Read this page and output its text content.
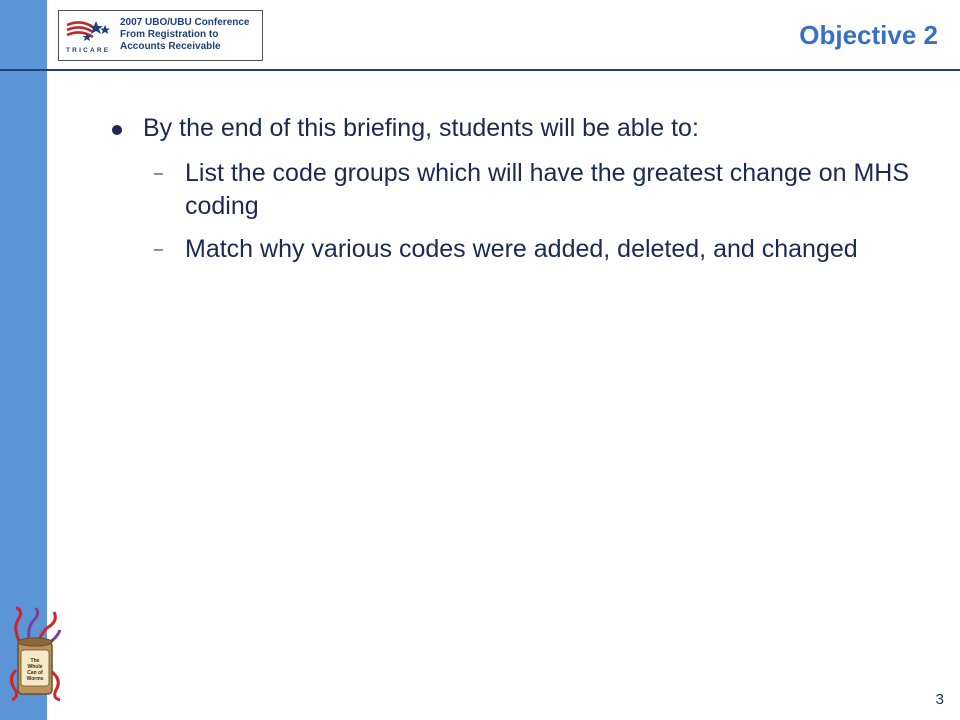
TRICARE
2007 UBO/UBU Conference
From Registration to
Accounts Receivable	Objective 2
By the end of this briefing, students will be able to:
– List the code groups which will have the greatest change on MHS coding
– Match why various codes were added, deleted, and changed
The
Whole
Can of
Worms
3
